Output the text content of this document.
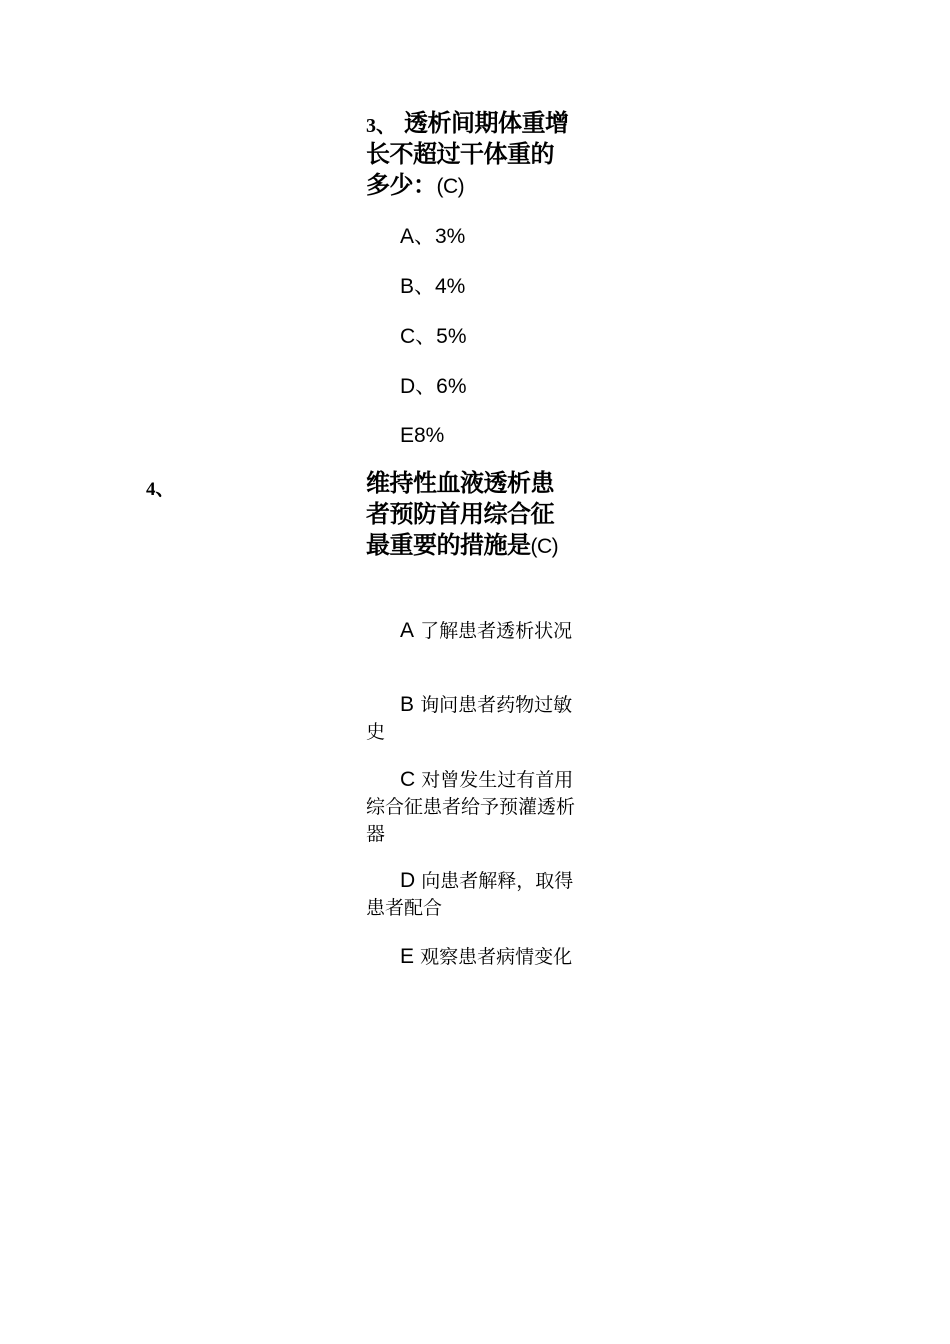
3、 透析间期体重增长不超过干体重的多少：(C)
A、3%
B、4%
C、5%
D、6%
E8%
4、	维持性血液透析患者预防首用综合征最重要的措施是(C)
A 了解患者透析状况
B 询问患者药物过敏史
C 对曾发生过有首用综合征患者给予预灌透析器
D 向患者解释，取得患者配合
E 观察患者病情变化
